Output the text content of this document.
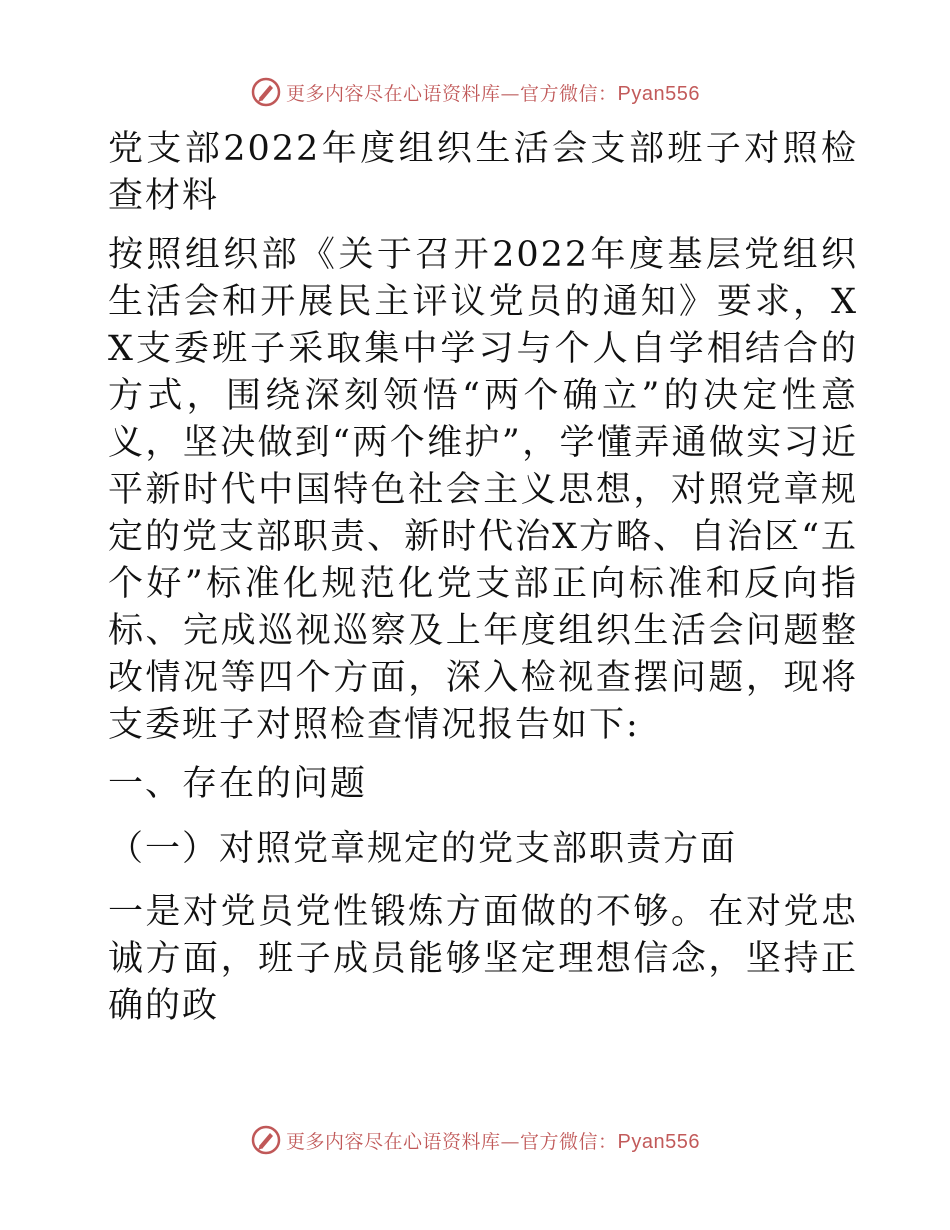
更多内容尽在心语资料库—官方微信：Pyan556
党支部2022年度组织生活会支部班子对照检查材料
按照组织部《关于召开2022年度基层党组织生活会和开展民主评议党员的通知》要求，XX支委班子采取集中学习与个人自学相结合的方式，围绕深刻领悟“两个确立”的决定性意义，坚决做到“两个维护”，学懂弄通做实习近平新时代中国特色社会主义思想，对照党章规定的党支部职责、新时代治X方略、自治区“五个好”标准化规范化党支部正向标准和反向指标、完成巡视巡察及上年度组织生活会问题整改情况等四个方面，深入检视查摆问题，现将支委班子对照检查情况报告如下:
一、存在的问题
（一）对照党章规定的党支部职责方面
一是对党员党性锻炼方面做的不够。在对党忠诚方面，班子成员能够坚定理想信念，坚持正确的政
更多内容尽在心语资料库—官方微信：Pyan556
